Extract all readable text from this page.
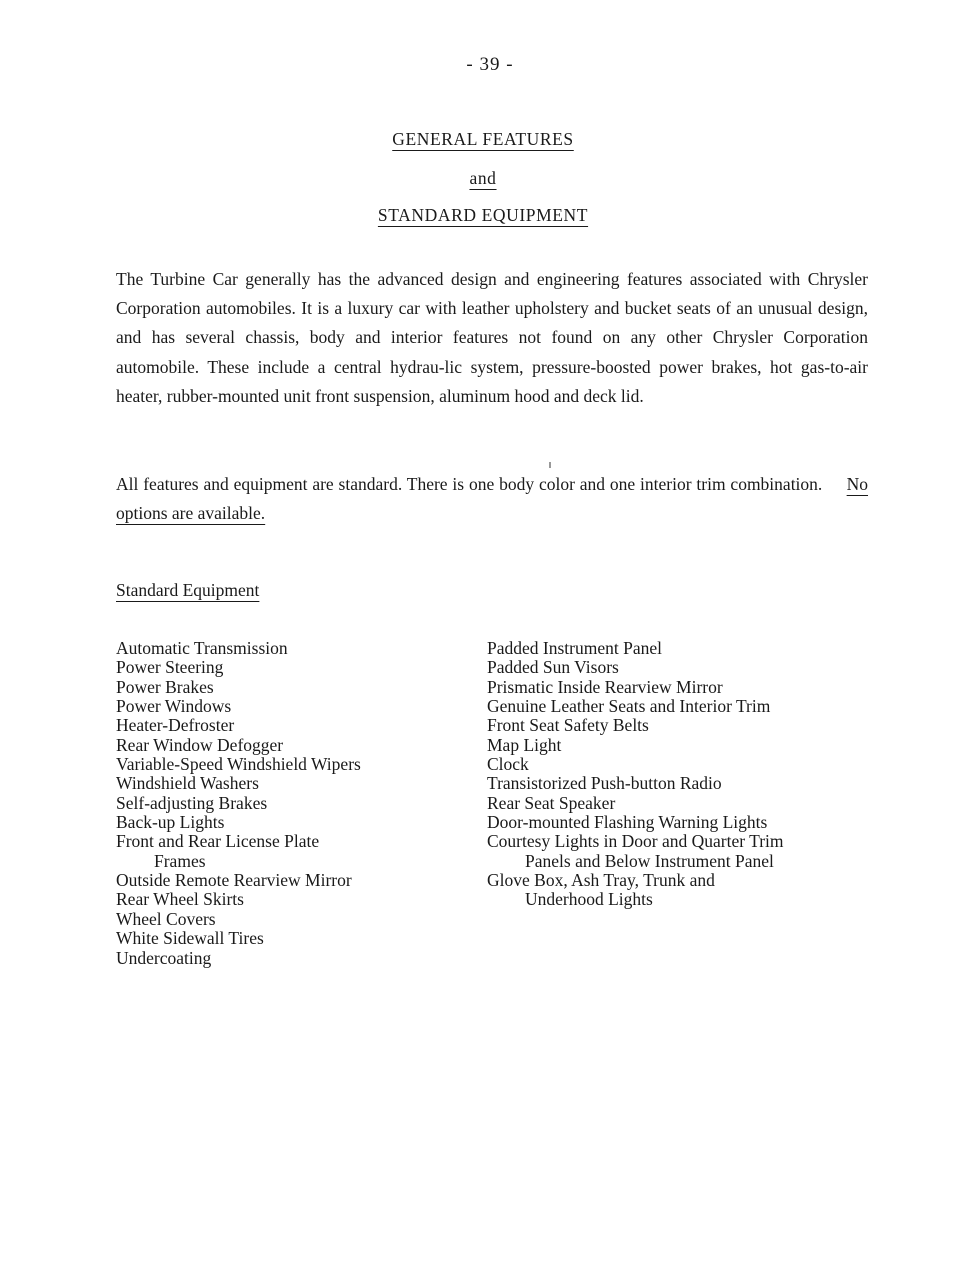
- 39 -
GENERAL FEATURES
and
STANDARD EQUIPMENT

The Turbine Car generally has the advanced design and engineering features associated with Chrysler Corporation automobiles. It is a luxury car with leather upholstery and bucket seats of an unusual design, and has several chassis, body and interior features not found on any other Chrysler Corporation automobile. These include a central hydrau-lic system, pressure-boosted power brakes, hot gas-to-air heater, rubber-mounted unit front suspension, aluminum hood and deck lid.

All features and equipment are standard. There is one body color and one interior trim combination. No options are available.

Standard Equipment
Automatic Transmission
Power Steering
Power Brakes
Power Windows
Heater-Defroster
Rear Window Defogger
Variable-Speed Windshield Wipers
Windshield Washers
Self-adjusting Brakes
Back-up Lights
Front and Rear License Plate
Frames
Outside Remote Rearview Mirror
Rear Wheel Skirts
Wheel Covers
White Sidewall Tires
Undercoating
Padded Instrument Panel
Padded Sun Visors
Prismatic Inside Rearview Mirror
Genuine Leather Seats and Interior Trim
Front Seat Safety Belts
Map Light
Clock
Transistorized Push-button Radio
Rear Seat Speaker
Door-mounted Flashing Warning Lights
Courtesy Lights in Door and Quarter Trim
Panels and Below Instrument Panel
Glove Box, Ash Tray, Trunk and
Underhood Lights
